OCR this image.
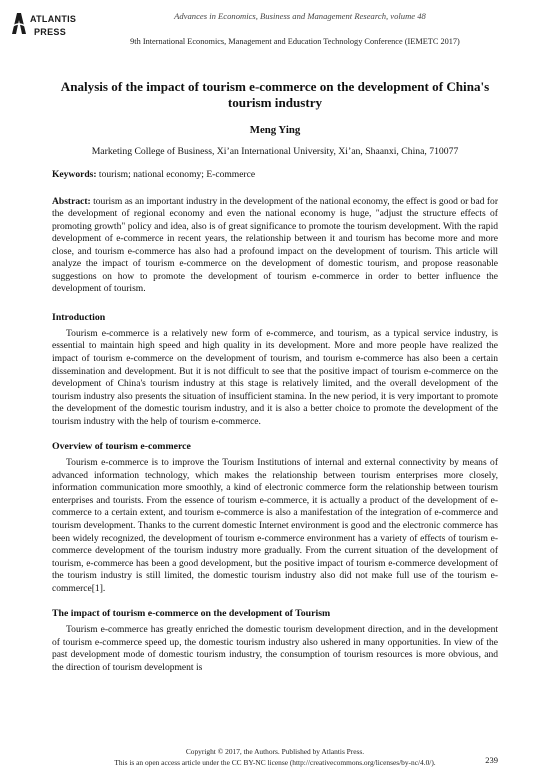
ATLANTIS
PRESS
Advances in Economics, Business and Management Research, volume 48
9th International Economics, Management and Education Technology Conference (IEMETC 2017)
Analysis of the impact of tourism e-commerce on the development of China's tourism industry
Meng Ying
Marketing College of Business, Xi’an International University, Xi’an, Shaanxi, China, 710077

Keywords: tourism; national economy; E-commerce

Abstract: tourism as an important industry in the development of the national economy, the effect is good or bad for the development of regional economy and even the national economy is huge, "adjust the structure effects of promoting growth" policy and idea, also is of great significance to promote the tourism development. With the rapid development of e-commerce in recent years, the relationship between it and tourism has become more and more close, and tourism e-commerce has also had a profound impact on the development of tourism. This article will analyze the impact of tourism e-commerce on the development of domestic tourism, and propose reasonable suggestions on how to promote the development of tourism e-commerce in order to better influence the development of tourism.

Introduction

Tourism e-commerce is a relatively new form of e-commerce, and tourism, as a typical service industry, is essential to maintain high speed and high quality in its development. More and more people have realized the impact of tourism e-commerce on the development of tourism, and tourism e-commerce has also been a certain dissemination and development. But it is not difficult to see that the positive impact of tourism e-commerce on the development of China's tourism industry at this stage is relatively limited, and the overall development of the tourism industry also presents the situation of insufficient stamina. In the new period, it is very important to promote the development of the domestic tourism industry, and it is also a better choice to promote the development of the tourism industry with the help of tourism e-commerce.

Overview of tourism e-commerce

Tourism e-commerce is to improve the Tourism Institutions of internal and external connectivity by means of advanced information technology, which makes the relationship between tourism enterprises more closely, information communication more smoothly, a kind of electronic commerce form the relationship between tourism enterprises and tourists. From the essence of tourism e-commerce, it is actually a product of the development of e-commerce to a certain extent, and tourism e-commerce is also a manifestation of the integration of e-commerce and tourism development. Thanks to the current domestic Internet environment is good and the electronic commerce has been widely recognized, the development of tourism e-commerce environment has a variety of effects of tourism e-commerce development of the tourism industry more gradually. From the current situation of the development of tourism, e-commerce has been a good development, but the positive impact of tourism e-commerce development of the tourism industry is still limited, the domestic tourism industry also did not make full use of the tourism e-commerce[1].

The impact of tourism e-commerce on the development of Tourism

Tourism e-commerce has greatly enriched the domestic tourism development direction, and in the development of tourism e-commerce speed up, the domestic tourism industry also ushered in many opportunities. In view of the past development mode of domestic tourism industry, the consumption of tourism resources is more obvious, and the direction of tourism development is

Copyright © 2017, the Authors. Published by Atlantis Press.
This is an open access article under the CC BY-NC license (http://creativecommons.org/licenses/by-nc/4.0/).	239
